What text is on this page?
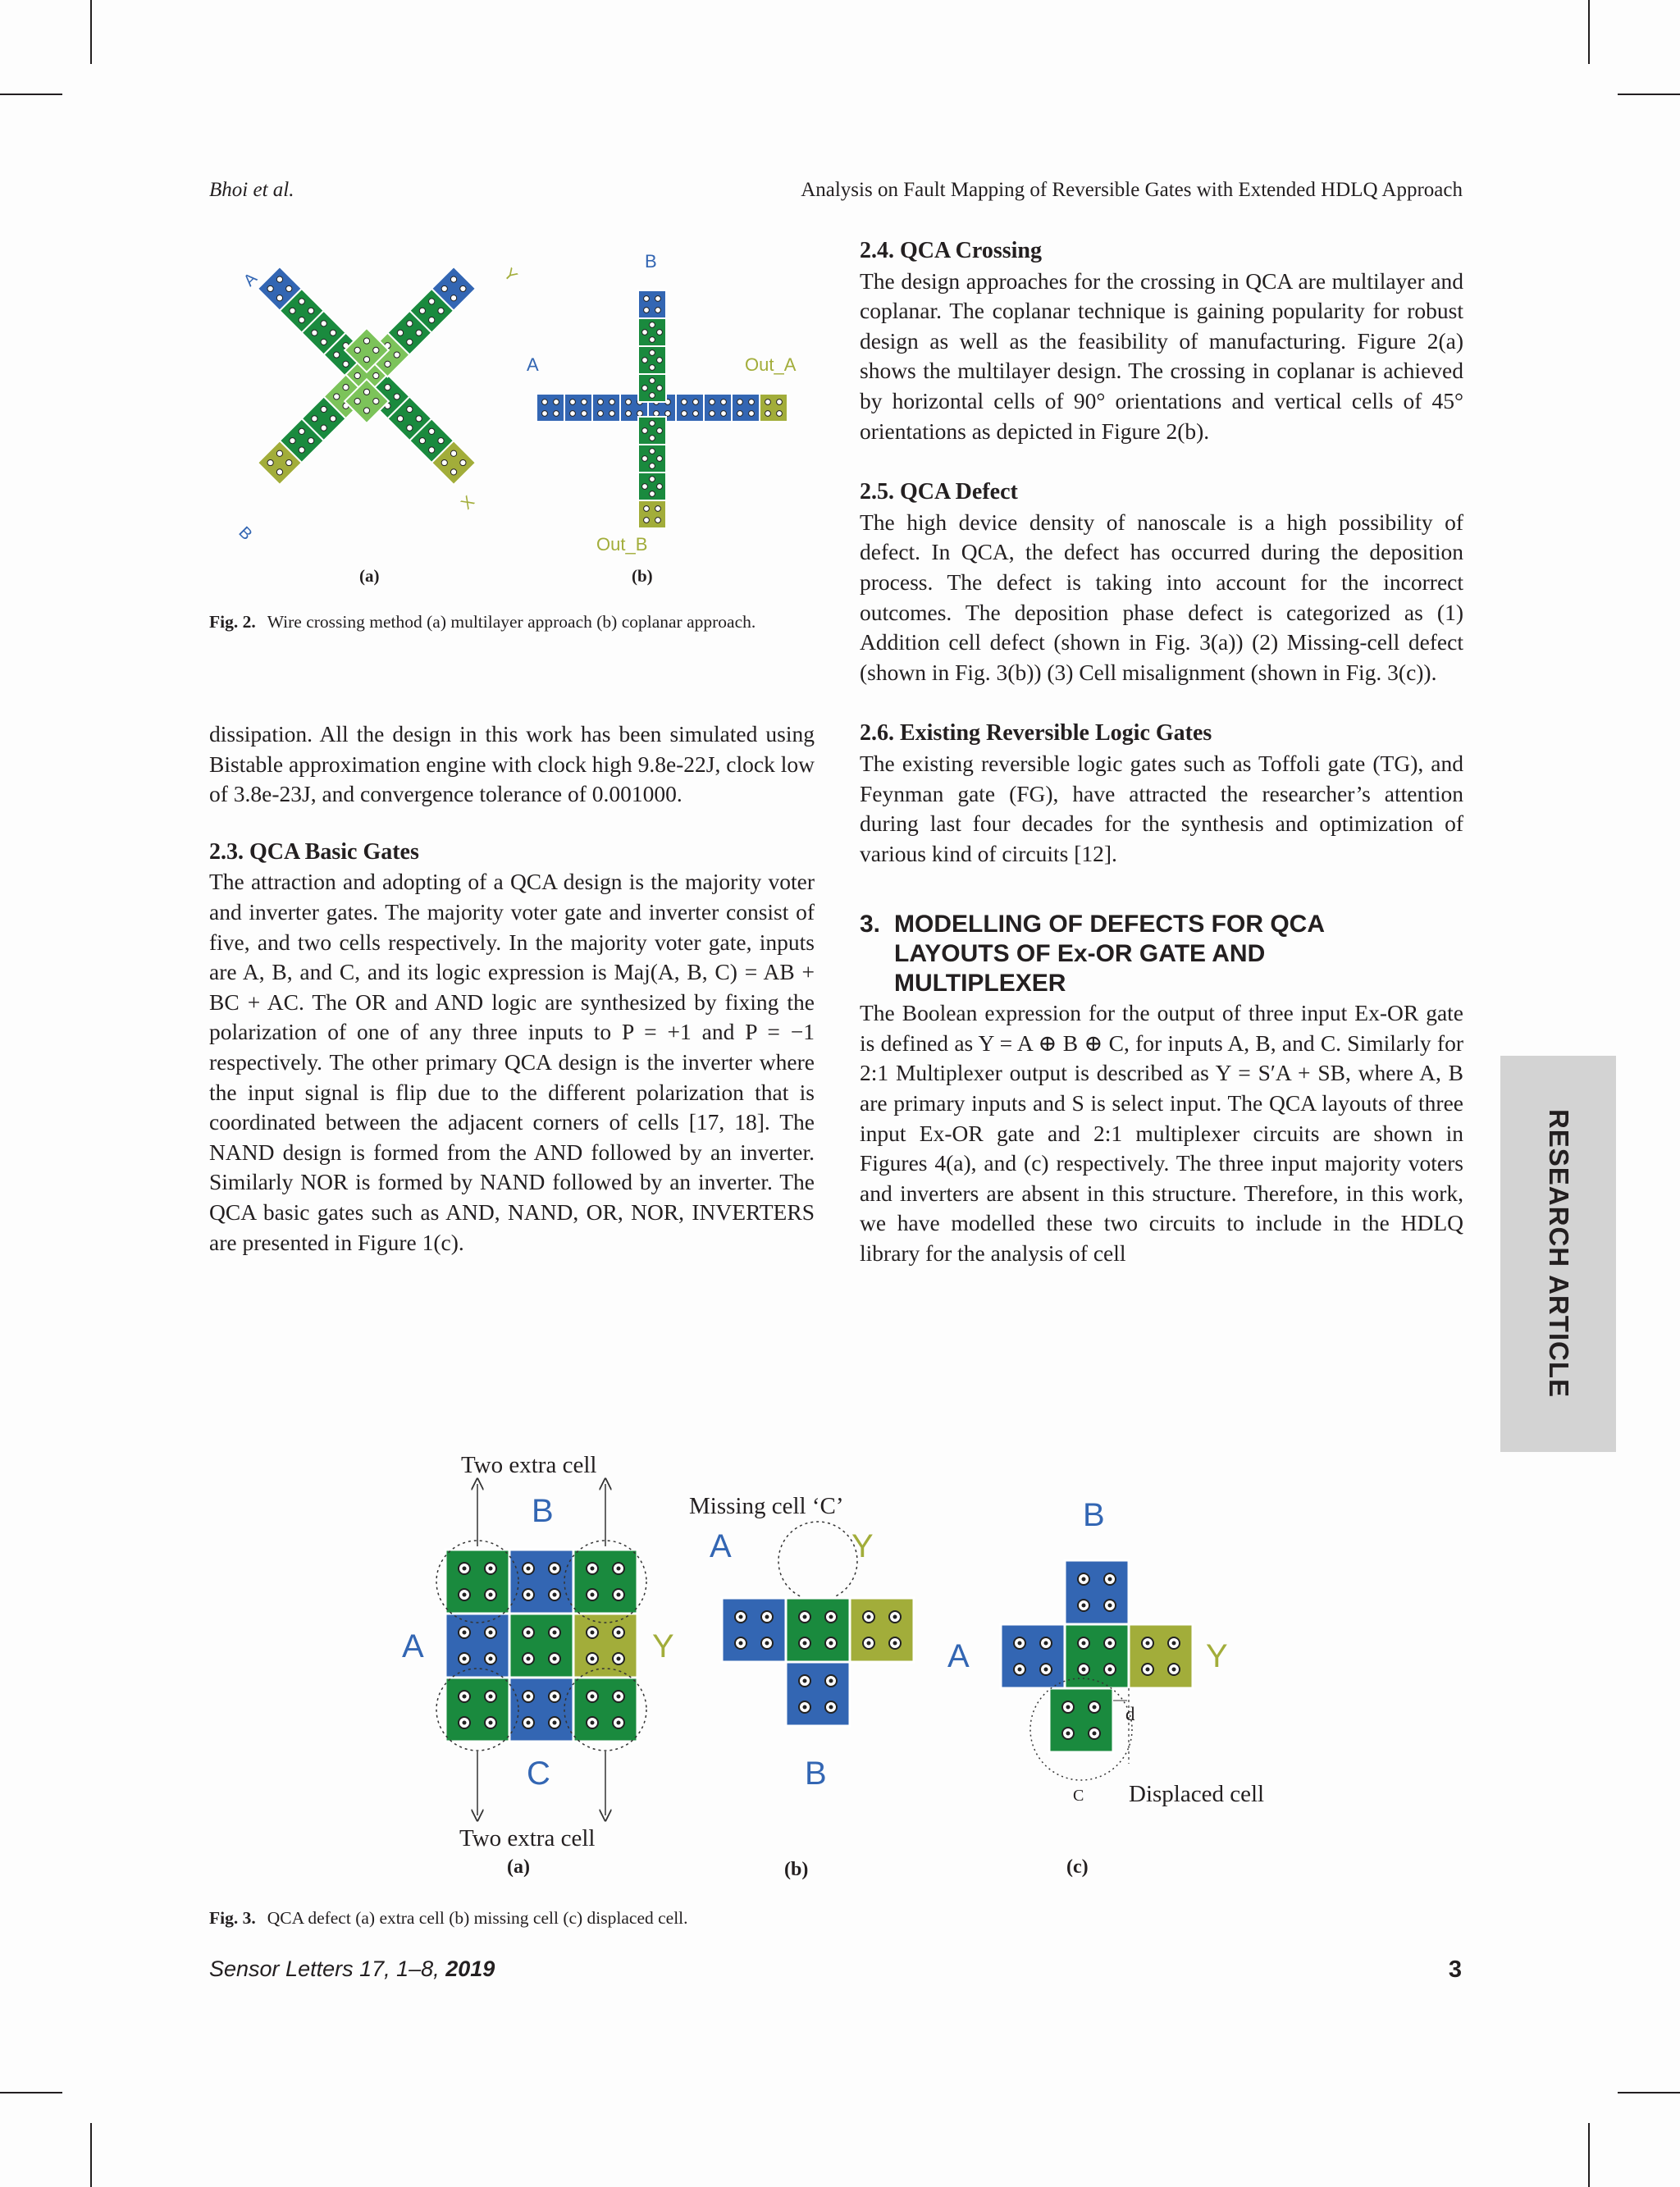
Bhoi et al.	Analysis on Fault Mapping of Reversible Gates with Extended HDLQ Approach
A	Y
B
X
B
A	Out_A
Out_B
(a)	(b)
Fig. 2. Wire crossing method (a) multilayer approach (b) coplanar approach.
dissipation. All the design in this work has been simulated using Bistable approximation engine with clock high 9.8e-22J, clock low of 3.8e-23J, and convergence tolerance of 0.001000.
2.3. QCA Basic Gates
The attraction and adopting of a QCA design is the majority voter and inverter gates. The majority voter gate and inverter consist of five, and two cells respectively. In the majority voter gate, inputs are A, B, and C, and its logic expression is Maj(A, B, C) = AB + BC + AC. The OR and AND logic are synthesized by fixing the polarization of one of any three inputs to P = +1 and P = −1 respectively. The other primary QCA design is the inverter where the input signal is flip due to the different polarization that is coordinated between the adjacent corners of cells [17, 18]. The NAND design is formed from the AND followed by an inverter. Similarly NOR is formed by NAND followed by an inverter. The QCA basic gates such as AND, NAND, OR, NOR, INVERTERS are presented in Figure 1(c).
2.4. QCA Crossing
The design approaches for the crossing in QCA are multilayer and coplanar. The coplanar technique is gaining popularity for robust design as well as the feasibility of manufacturing. Figure 2(a) shows the multilayer design. The crossing in coplanar is achieved by horizontal cells of 90° orientations and vertical cells of 45° orientations as depicted in Figure 2(b).
2.5. QCA Defect
The high device density of nanoscale is a high possibility of defect. In QCA, the defect has occurred during the deposition process. The defect is taking into account for the incorrect outcomes. The deposition phase defect is categorized as (1) Addition cell defect (shown in Fig. 3(a)) (2) Missing-cell defect (shown in Fig. 3(b)) (3) Cell misalignment (shown in Fig. 3(c)).
2.6. Existing Reversible Logic Gates
The existing reversible logic gates such as Toffoli gate (TG), and Feynman gate (FG), have attracted the researcher’s attention during last four decades for the synthesis and optimization of various kind of circuits [12].
3. MODELLING OF DEFECTS FOR QCA
LAYOUTS OF Ex-OR GATE AND
MULTIPLEXER
The Boolean expression for the output of three input Ex-OR gate is defined as Y = A ⊕ B ⊕ C, for inputs A, B, and C. Similarly for 2:1 Multiplexer output is described as Y = S′A + SB, where A, B are primary inputs and S is select input. The QCA layouts of three input Ex-OR gate and 2:1 multiplexer circuits are shown in Figures 4(a), and (c) respectively. The three input majority voters and inverters are absent in this structure. Therefore, in this work, we have modelled these two circuits to include in the HDLQ library for the analysis of cell	RESEARCH ARTICLE
Two extra cell
B
A	Y
C
Two extra cell
Missing cell ‘C’
A	Y
B
B
A	Y
d
C Displaced cell
(a)	(b)	(c)
Fig. 3. QCA defect (a) extra cell (b) missing cell (c) displaced cell.
Sensor Letters 17, 1–8, 2019	3
